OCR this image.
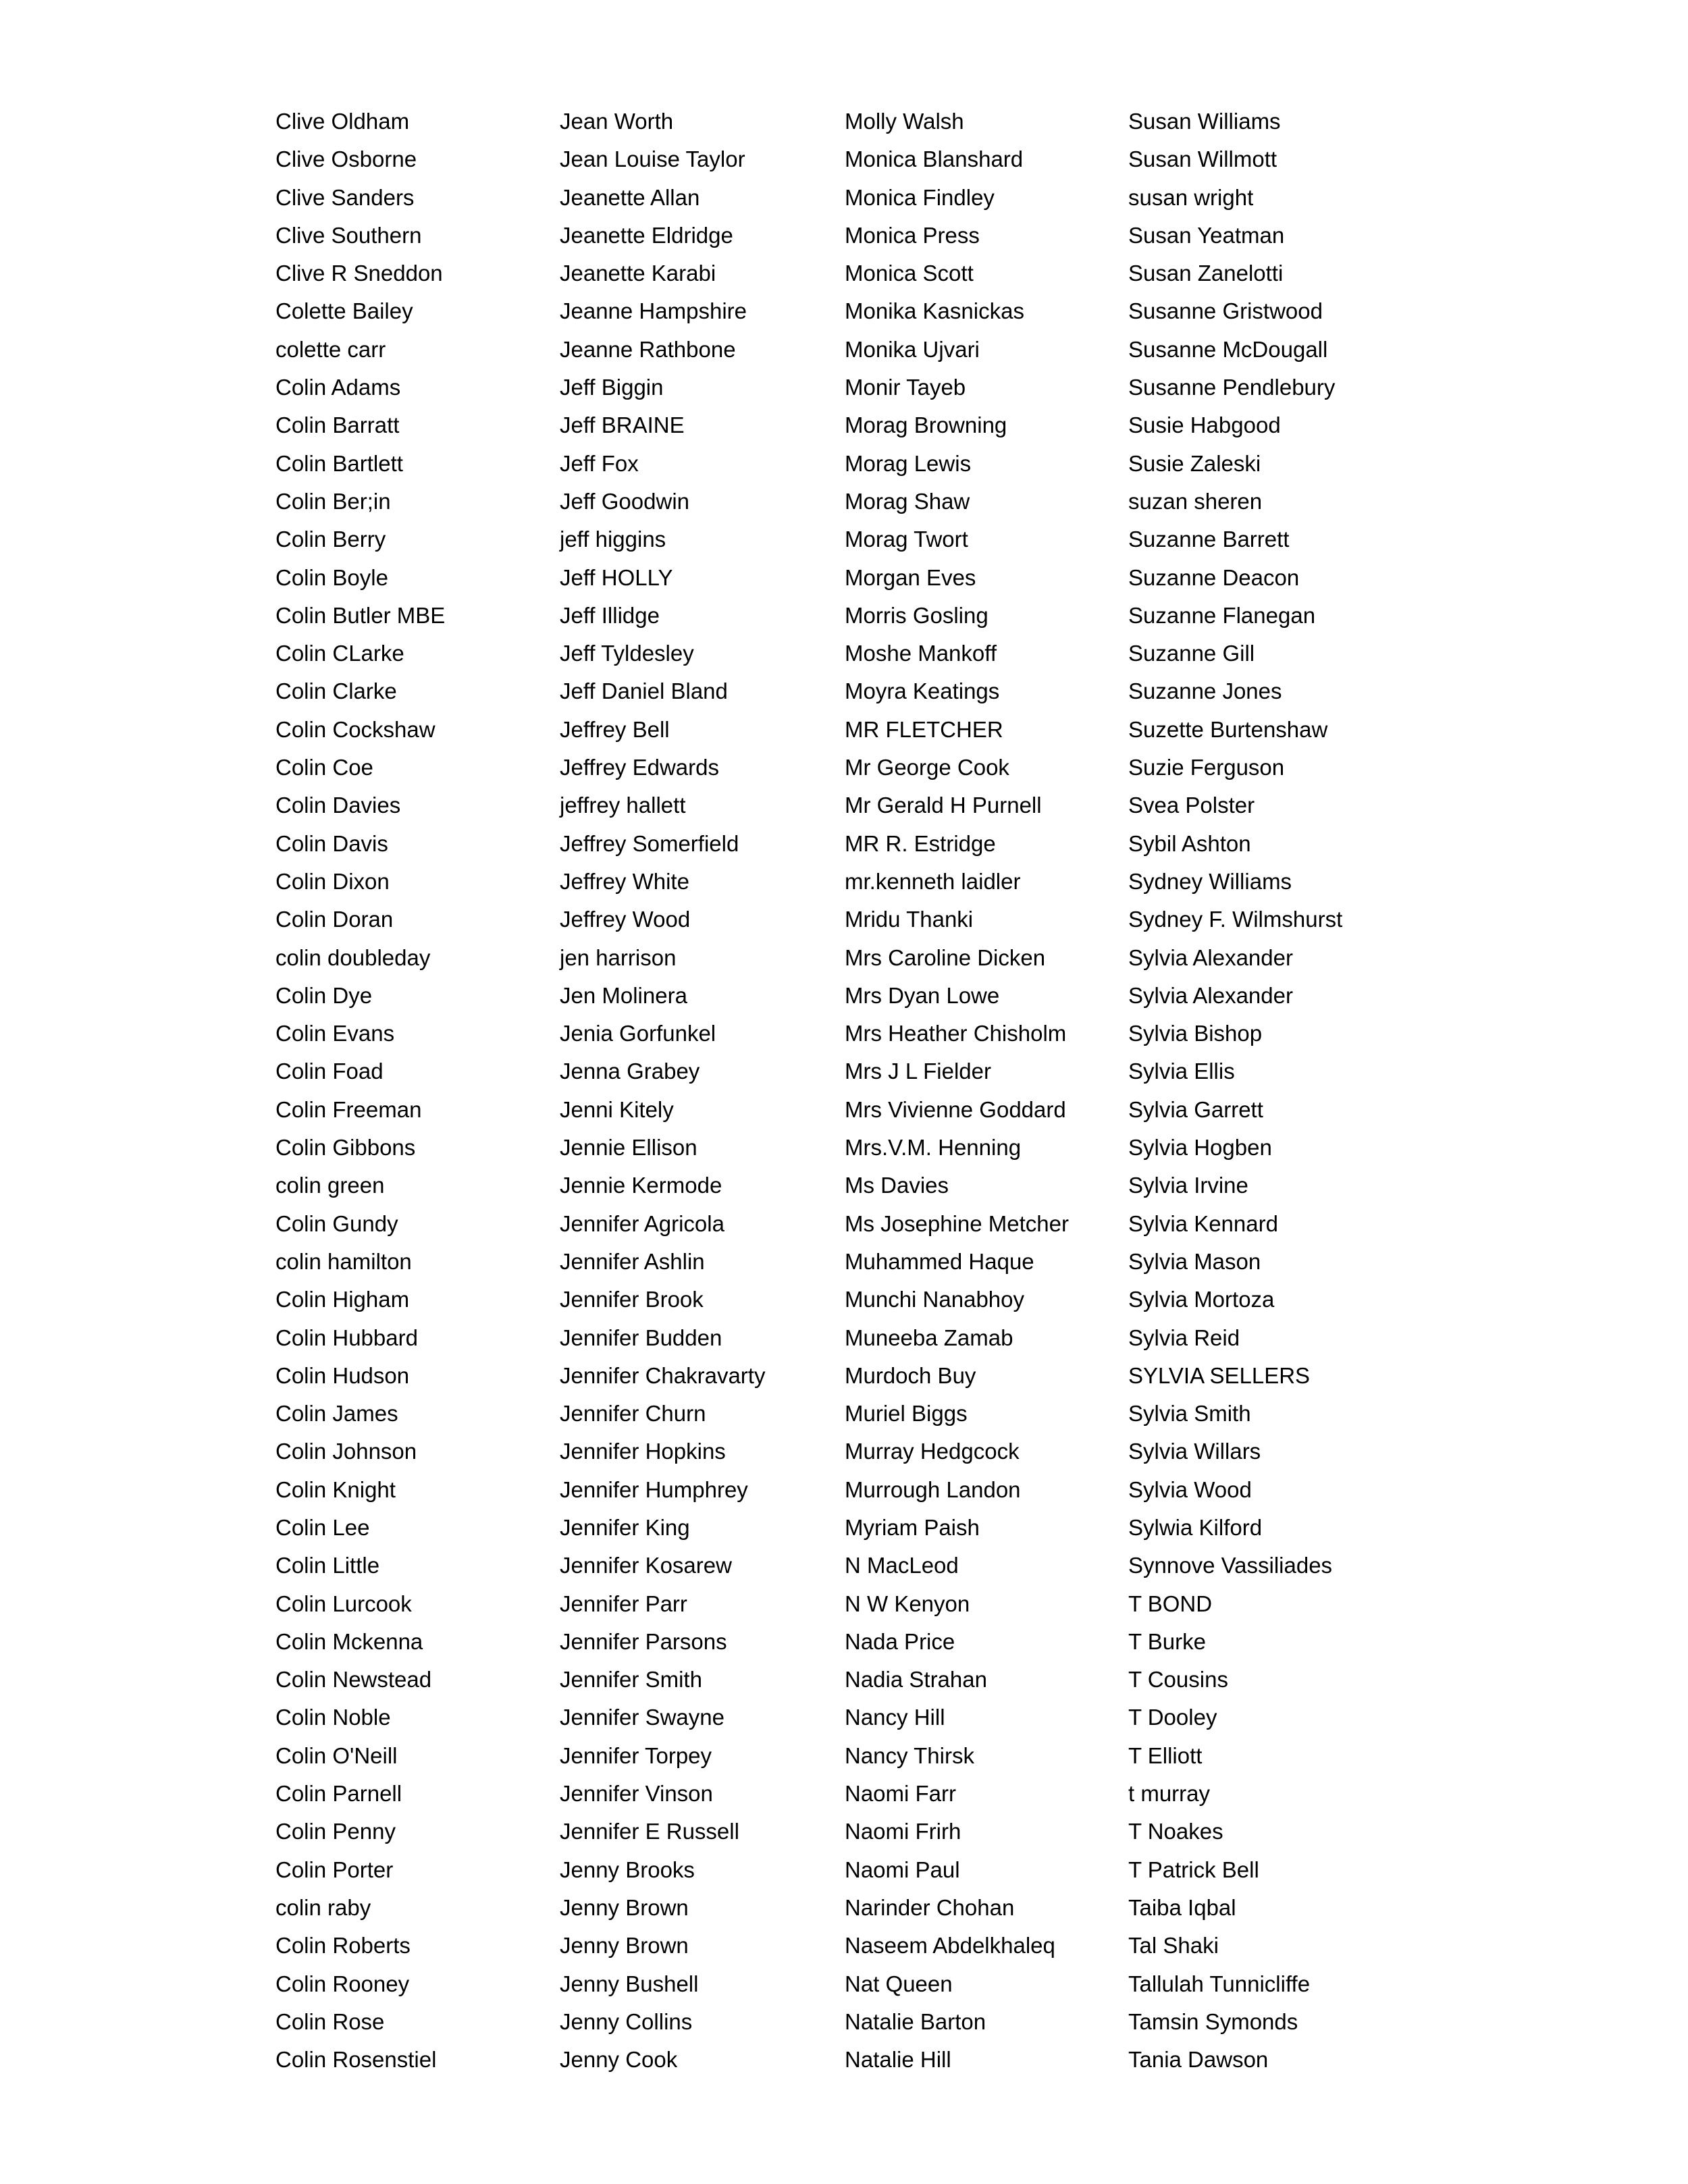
Clive Oldham
Clive Osborne
Clive Sanders
Clive Southern
Clive R Sneddon
Colette Bailey
colette carr
Colin Adams
Colin Barratt
Colin Bartlett
Colin Ber;in
Colin Berry
Colin Boyle
Colin Butler MBE
Colin CLarke
Colin Clarke
Colin Cockshaw
Colin Coe
Colin Davies
Colin Davis
Colin Dixon
Colin Doran
colin doubleday
Colin Dye
Colin Evans
Colin Foad
Colin Freeman
Colin Gibbons
colin green
Colin Gundy
colin hamilton
Colin Higham
Colin Hubbard
Colin Hudson
Colin James
Colin Johnson
Colin Knight
Colin Lee
Colin Little
Colin Lurcook
Colin Mckenna
Colin Newstead
Colin Noble
Colin O'Neill
Colin Parnell
Colin Penny
Colin Porter
colin raby
Colin Roberts
Colin Rooney
Colin Rose
Colin Rosenstiel
Jean Worth
Jean Louise Taylor
Jeanette Allan
Jeanette Eldridge
Jeanette Karabi
Jeanne Hampshire
Jeanne Rathbone
Jeff Biggin
Jeff BRAINE
Jeff Fox
Jeff Goodwin
jeff higgins
Jeff HOLLY
Jeff Illidge
Jeff Tyldesley
Jeff Daniel Bland
Jeffrey Bell
Jeffrey Edwards
jeffrey hallett
Jeffrey Somerfield
Jeffrey White
Jeffrey Wood
jen harrison
Jen Molinera
Jenia Gorfunkel
Jenna Grabey
Jenni Kitely
Jennie Ellison
Jennie Kermode
Jennifer Agricola
Jennifer Ashlin
Jennifer Brook
Jennifer Budden
Jennifer Chakravarty
Jennifer Churn
Jennifer Hopkins
Jennifer Humphrey
Jennifer King
Jennifer Kosarew
Jennifer Parr
Jennifer Parsons
Jennifer Smith
Jennifer Swayne
Jennifer Torpey
Jennifer Vinson
Jennifer E Russell
Jenny Brooks
Jenny Brown
Jenny Brown
Jenny Bushell
Jenny Collins
Jenny Cook
Molly Walsh
Monica Blanshard
Monica Findley
Monica Press
Monica Scott
Monika Kasnickas
Monika Ujvari
Monir Tayeb
Morag Browning
Morag Lewis
Morag Shaw
Morag Twort
Morgan Eves
Morris Gosling
Moshe Mankoff
Moyra Keatings
MR FLETCHER
Mr George Cook
Mr Gerald H Purnell
MR R. Estridge
mr.kenneth laidler
Mridu Thanki
Mrs Caroline Dicken
Mrs Dyan Lowe
Mrs Heather Chisholm
Mrs J L Fielder
Mrs Vivienne Goddard
Mrs.V.M. Henning
Ms Davies
Ms Josephine Metcher
Muhammed Haque
Munchi Nanabhoy
Muneeba Zamab
Murdoch Buy
Muriel Biggs
Murray Hedgcock
Murrough Landon
Myriam Paish
N MacLeod
N W Kenyon
Nada Price
Nadia Strahan
Nancy Hill
Nancy Thirsk
Naomi Farr
Naomi Frirh
Naomi Paul
Narinder Chohan
Naseem Abdelkhaleq
Nat Queen
Natalie Barton
Natalie Hill
Susan Williams
Susan Willmott
susan wright
Susan Yeatman
Susan Zanelotti
Susanne Gristwood
Susanne McDougall
Susanne Pendlebury
Susie Habgood
Susie Zaleski
suzan sheren
Suzanne Barrett
Suzanne Deacon
Suzanne Flanegan
Suzanne Gill
Suzanne Jones
Suzette Burtenshaw
Suzie Ferguson
Svea Polster
Sybil Ashton
Sydney Williams
Sydney F. Wilmshurst
Sylvia Alexander
Sylvia Alexander
Sylvia Bishop
Sylvia Ellis
Sylvia Garrett
Sylvia Hogben
Sylvia Irvine
Sylvia Kennard
Sylvia Mason
Sylvia Mortoza
Sylvia Reid
SYLVIA SELLERS
Sylvia Smith
Sylvia Willars
Sylvia Wood
Sylwia Kilford
Synnove Vassiliades
T BOND
T Burke
T Cousins
T Dooley
T Elliott
t murray
T Noakes
T Patrick Bell
Taiba Iqbal
Tal Shaki
Tallulah Tunnicliffe
Tamsin Symonds
Tania Dawson
